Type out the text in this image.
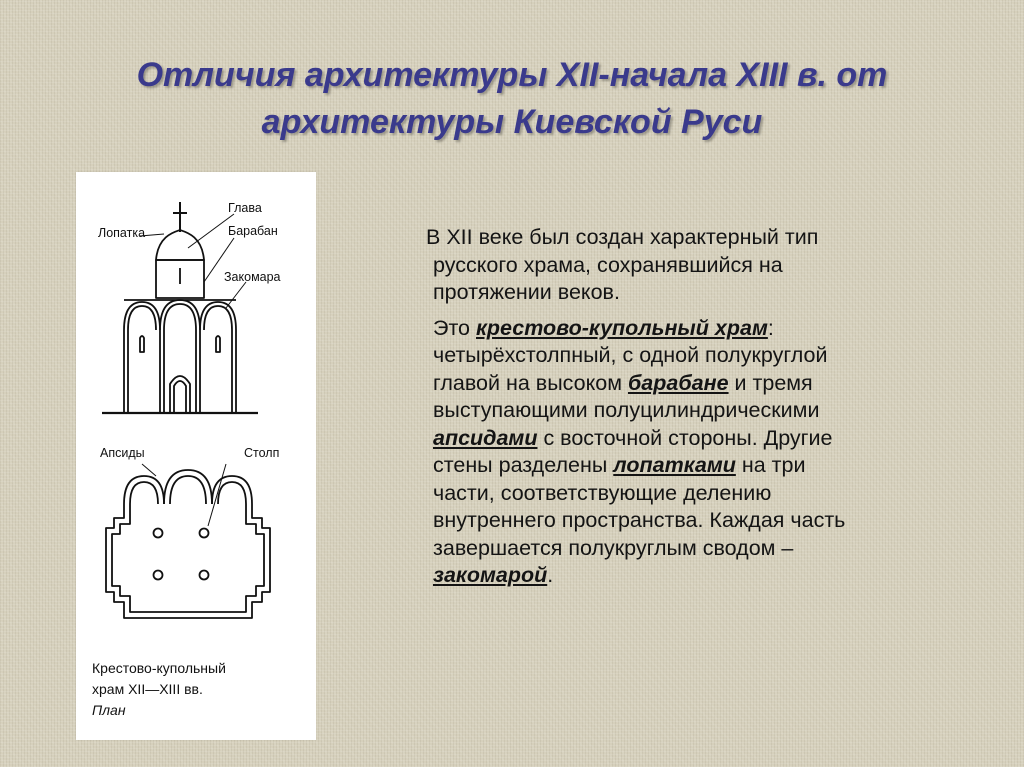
Отличия архитектуры XII-начала XIII в. от
архитектуры Киевской Руси
Глава
Лопатка	Барабан
Закомара
Апсиды	Столп
Крестово-купольный
храм XII—XIII вв.
План

В XII веке был создан характерный тип
русского храма, сохранявшийся на
протяжении веков.

Это крестово-купольный храм:
четырёхстолпный, с одной полукруглой
главой на высоком барабане и тремя
выступающими полуцилиндрическими
апсидами с восточной стороны. Другие
стены разделены лопатками на три
части, соответствующие делению
внутреннего пространства. Каждая часть
завершается полукруглым сводом –
закомарой.
